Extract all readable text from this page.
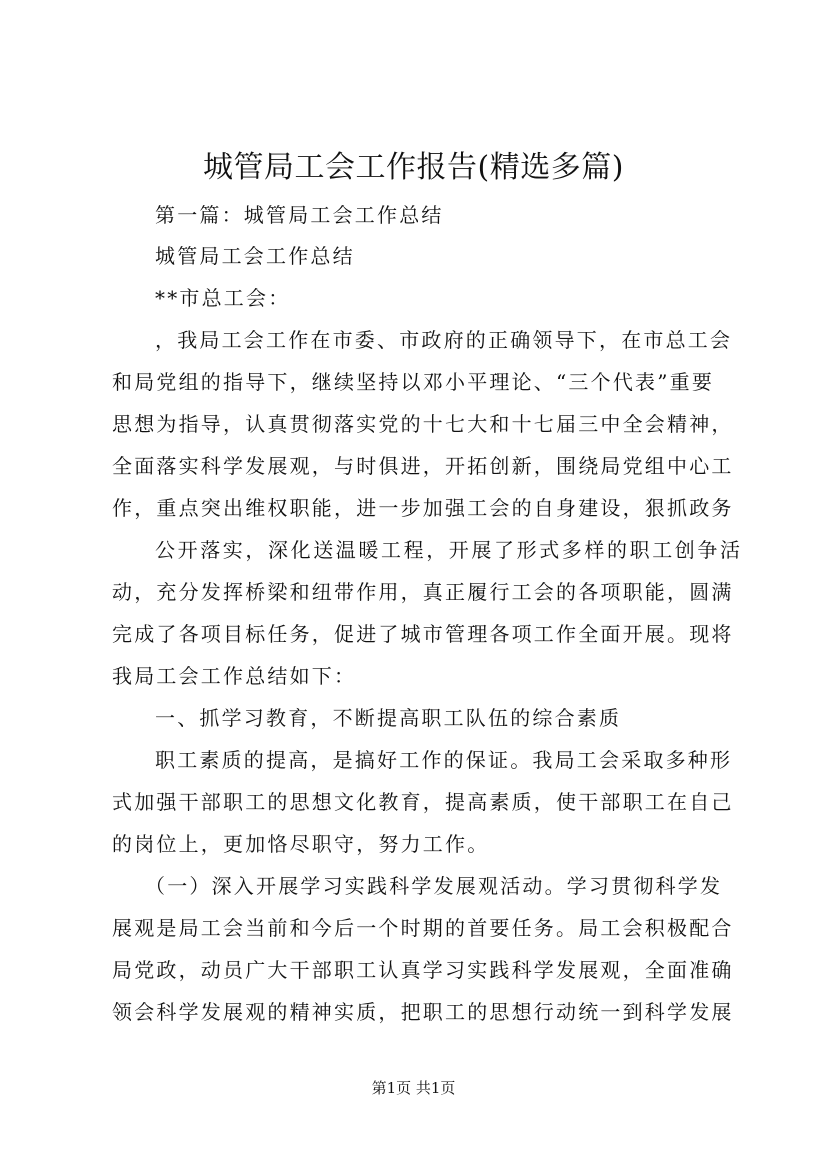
城管局工会工作报告(精选多篇)
第一篇：城管局工会工作总结
城管局工会工作总结
**市总工会：
，我局工会工作在市委、市政府的正确领导下，在市总工会
和局党组的指导下，继续坚持以邓小平理论、“三个代表”重要
思想为指导，认真贯彻落实党的十七大和十七届三中全会精神，
全面落实科学发展观，与时俱进，开拓创新，围绕局党组中心工
作，重点突出维权职能，进一步加强工会的自身建设，狠抓政务
公开落实，深化送温暖工程，开展了形式多样的职工创争活
动，充分发挥桥梁和纽带作用，真正履行工会的各项职能，圆满
完成了各项目标任务，促进了城市管理各项工作全面开展。现将
我局工会工作总结如下：
一、抓学习教育，不断提高职工队伍的综合素质
职工素质的提高，是搞好工作的保证。我局工会采取多种形
式加强干部职工的思想文化教育，提高素质，使干部职工在自己
的岗位上，更加恪尽职守，努力工作。
（一）深入开展学习实践科学发展观活动。学习贯彻科学发
展观是局工会当前和今后一个时期的首要任务。局工会积极配合
局党政，动员广大干部职工认真学习实践科学发展观，全面准确
领会科学发展观的精神实质，把职工的思想行动统一到科学发展
第1页 共1页
